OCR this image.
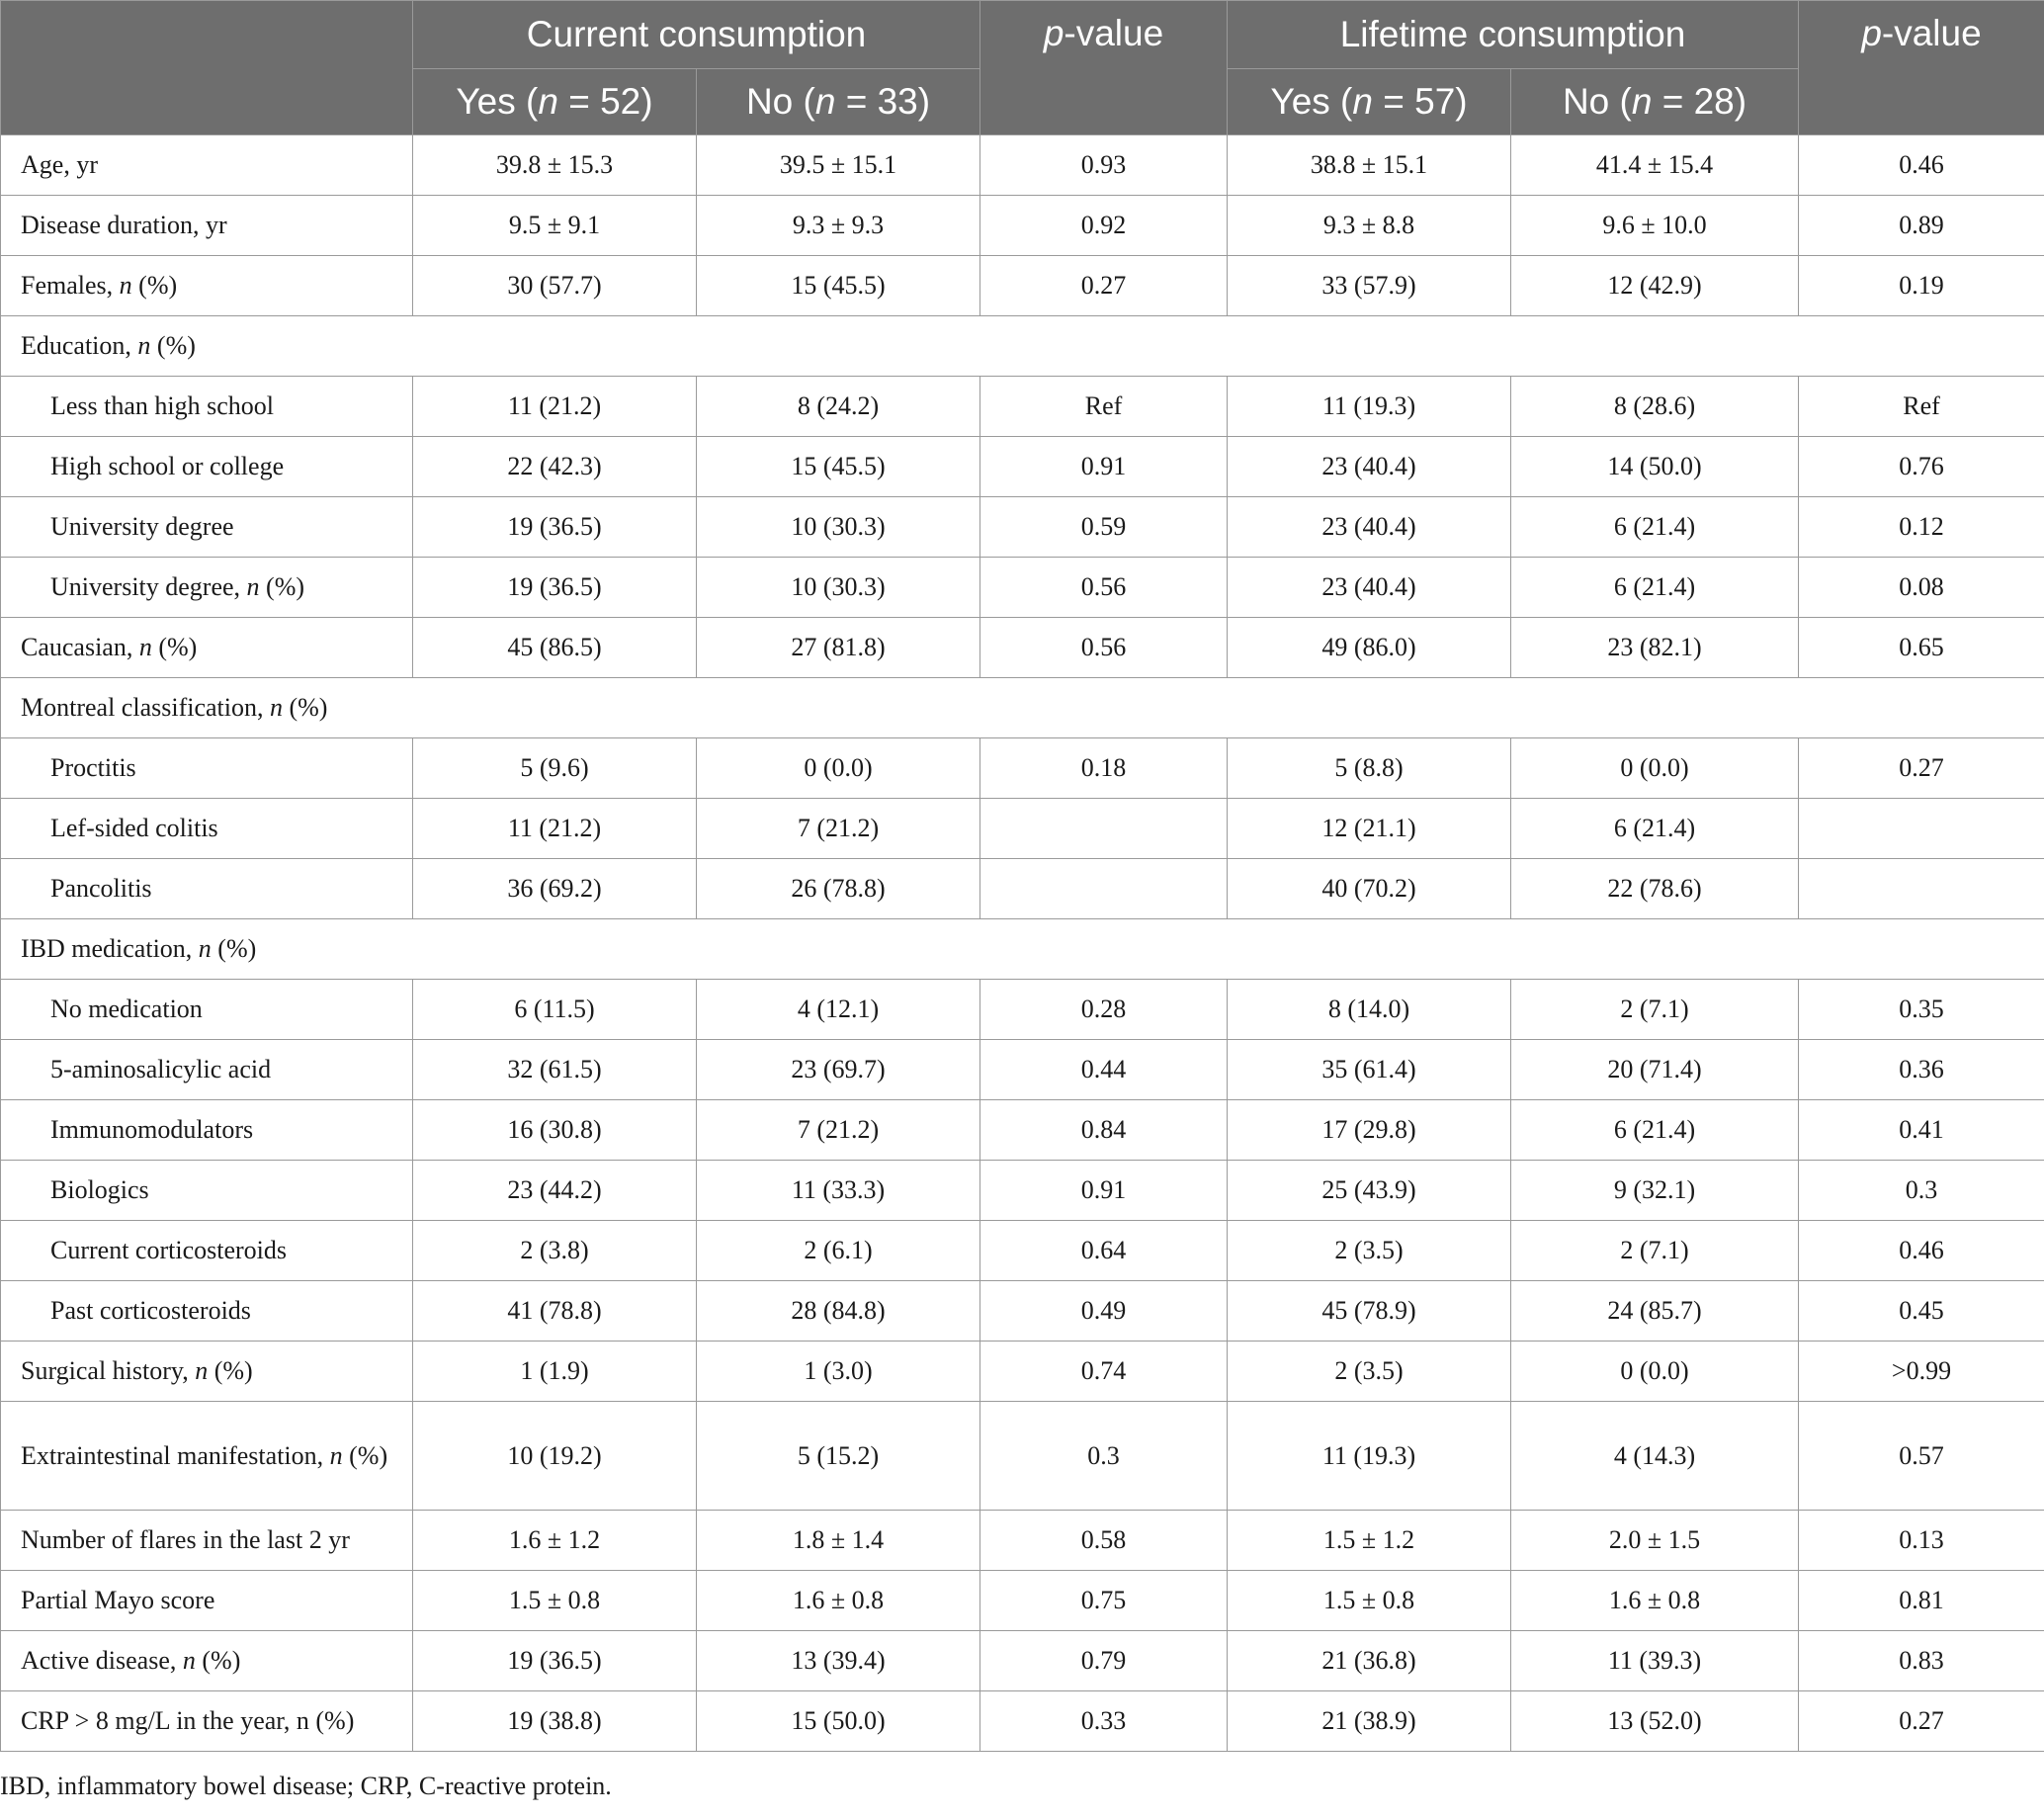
	Current consumption		p-value	Lifetime consumption		p-value
	Yes (n = 52)	No (n = 33)		Yes (n = 57)	No (n = 28)	
Age, yr	39.8 ± 15.3	39.5 ± 15.1	0.93	38.8 ± 15.1	41.4 ± 15.4	0.46
Disease duration, yr	9.5 ± 9.1	9.3 ± 9.3	0.92	9.3 ± 8.8	9.6 ± 10.0	0.89
Females, n (%)	30 (57.7)	15 (45.5)	0.27	33 (57.9)	12 (42.9)	0.19
Education, n (%)						
Less than high school	11 (21.2)	8 (24.2)	Ref	11 (19.3)	8 (28.6)	Ref
High school or college	22 (42.3)	15 (45.5)	0.91	23 (40.4)	14 (50.0)	0.76
University degree	19 (36.5)	10 (30.3)	0.59	23 (40.4)	6 (21.4)	0.12
University degree, n (%)	19 (36.5)	10 (30.3)	0.56	23 (40.4)	6 (21.4)	0.08
Caucasian, n (%)	45 (86.5)	27 (81.8)	0.56	49 (86.0)	23 (82.1)	0.65
Montreal classification, n (%)						
Proctitis	5 (9.6)	0 (0.0)	0.18	5 (8.8)	0 (0.0)	0.27
Lef-sided colitis	11 (21.2)	7 (21.2)		12 (21.1)	6 (21.4)	
Pancolitis	36 (69.2)	26 (78.8)		40 (70.2)	22 (78.6)	
IBD medication, n (%)						
No medication	6 (11.5)	4 (12.1)	0.28	8 (14.0)	2 (7.1)	0.35
5-aminosalicylic acid	32 (61.5)	23 (69.7)	0.44	35 (61.4)	20 (71.4)	0.36
Immunomodulators	16 (30.8)	7 (21.2)	0.84	17 (29.8)	6 (21.4)	0.41
Biologics	23 (44.2)	11 (33.3)	0.91	25 (43.9)	9 (32.1)	0.3
Current corticosteroids	2 (3.8)	2 (6.1)	0.64	2 (3.5)	2 (7.1)	0.46
Past corticosteroids	41 (78.8)	28 (84.8)	0.49	45 (78.9)	24 (85.7)	0.45
Surgical history, n (%)	1 (1.9)	1 (3.0)	0.74	2 (3.5)	0 (0.0)	>0.99
Extraintestinal manifestation, n (%)	10 (19.2)	5 (15.2)	0.3	11 (19.3)	4 (14.3)	0.57
Number of flares in the last 2 yr	1.6 ± 1.2	1.8 ± 1.4	0.58	1.5 ± 1.2	2.0 ± 1.5	0.13
Partial Mayo score	1.5 ± 0.8	1.6 ± 0.8	0.75	1.5 ± 0.8	1.6 ± 0.8	0.81
Active disease, n (%)	19 (36.5)	13 (39.4)	0.79	21 (36.8)	11 (39.3)	0.83
CRP > 8 mg/L in the year, n (%)	19 (38.8)	15 (50.0)	0.33	21 (38.9)	13 (52.0)	0.27
IBD, inflammatory bowel disease; CRP, C-reactive protein.
